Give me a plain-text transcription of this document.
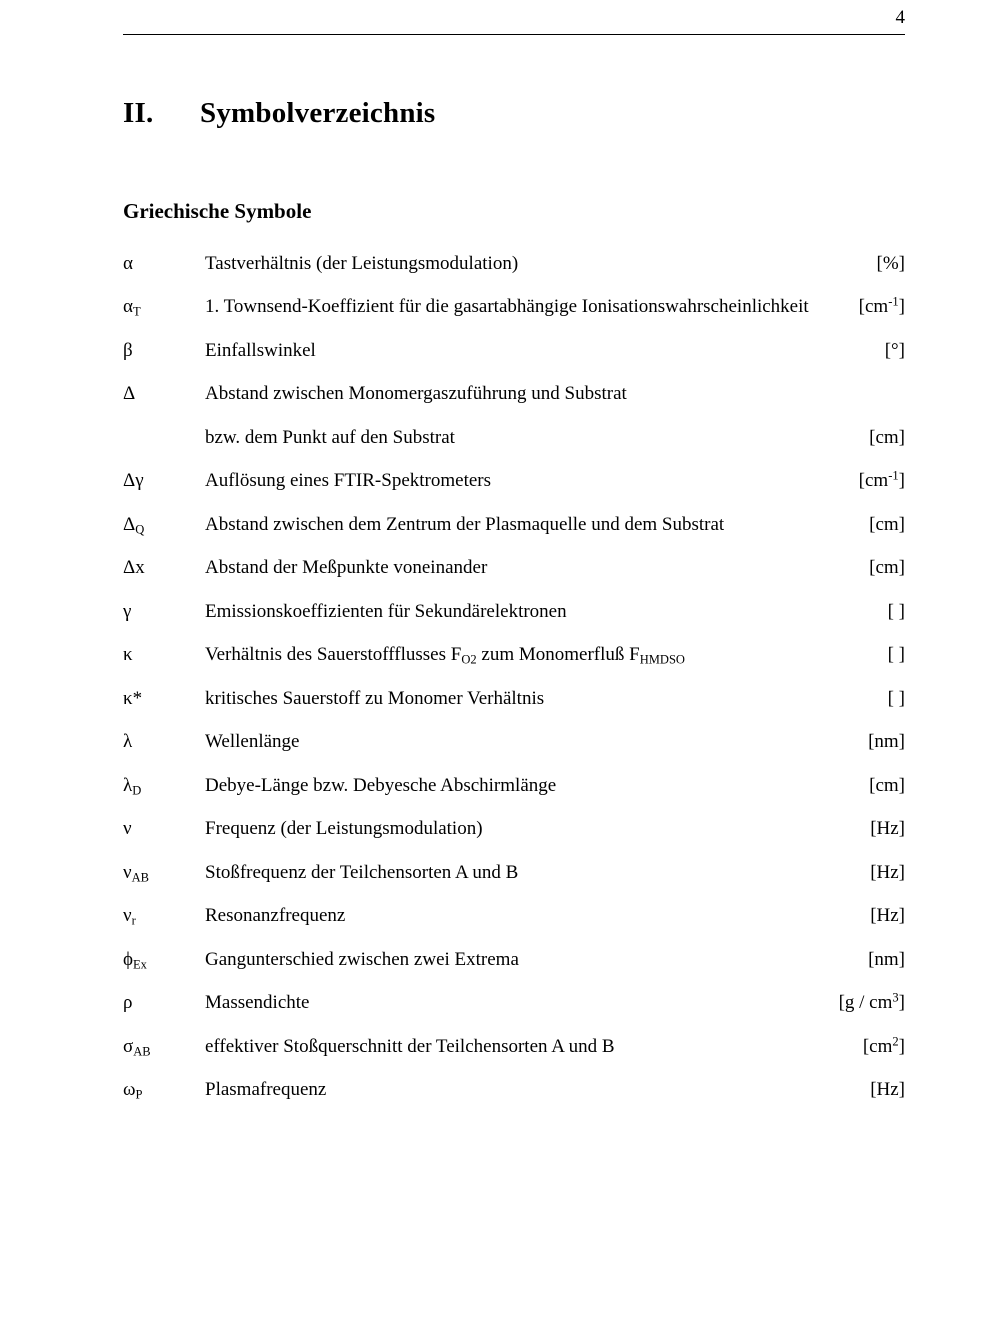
4
II.	Symbolverzeichnis
Griechische Symbole
α	Tastverhältnis (der Leistungsmodulation)	[%]
$\alpha_T$	1. Townsend-Koeffizient für die gasartabhängige Ionisationswahrscheinlichkeit	$[cm^{-1}]$
β	Einfallswinkel	[°]
Δ	Abstand zwischen Monomergaszuführung und Substrat
bzw. dem Punkt auf den Substrat	[cm]
Δγ	Auflösung eines FTIR-Spektrometers	$[cm^{-1}]$
$\Delta_Q$	Abstand zwischen dem Zentrum der Plasmaquelle und dem Substrat	[cm]
Δx	Abstand der Meßpunkte voneinander	[cm]
γ	Emissionskoeffizienten für Sekundärelektronen	[ ]
κ	Verhältnis des Sauerstoffflusses $F_{O2}$ zum Monomerfluß $F_{HMDSO}$	[ ]
κ*	kritisches Sauerstoff zu Monomer Verhältnis	[ ]
λ	Wellenlänge	[nm]
$\lambda_D$	Debye-Länge bzw. Debyesche Abschirmlänge	[cm]
ν	Frequenz (der Leistungsmodulation)	[Hz]
$\nu_{AB}$	Stoßfrequenz der Teilchensorten A und B	[Hz]
$\nu_r$	Resonanzfrequenz	[Hz]
$\phi_{Ex}$	Gangunterschied zwischen zwei Extrema	[nm]
ρ	Massendichte	$[g / cm^3]$
$\sigma_{AB}$	effektiver Stoßquerschnitt der Teilchensorten A und B	$[cm^2]$
$\omega_P$	Plasmafrequenz	[Hz]
